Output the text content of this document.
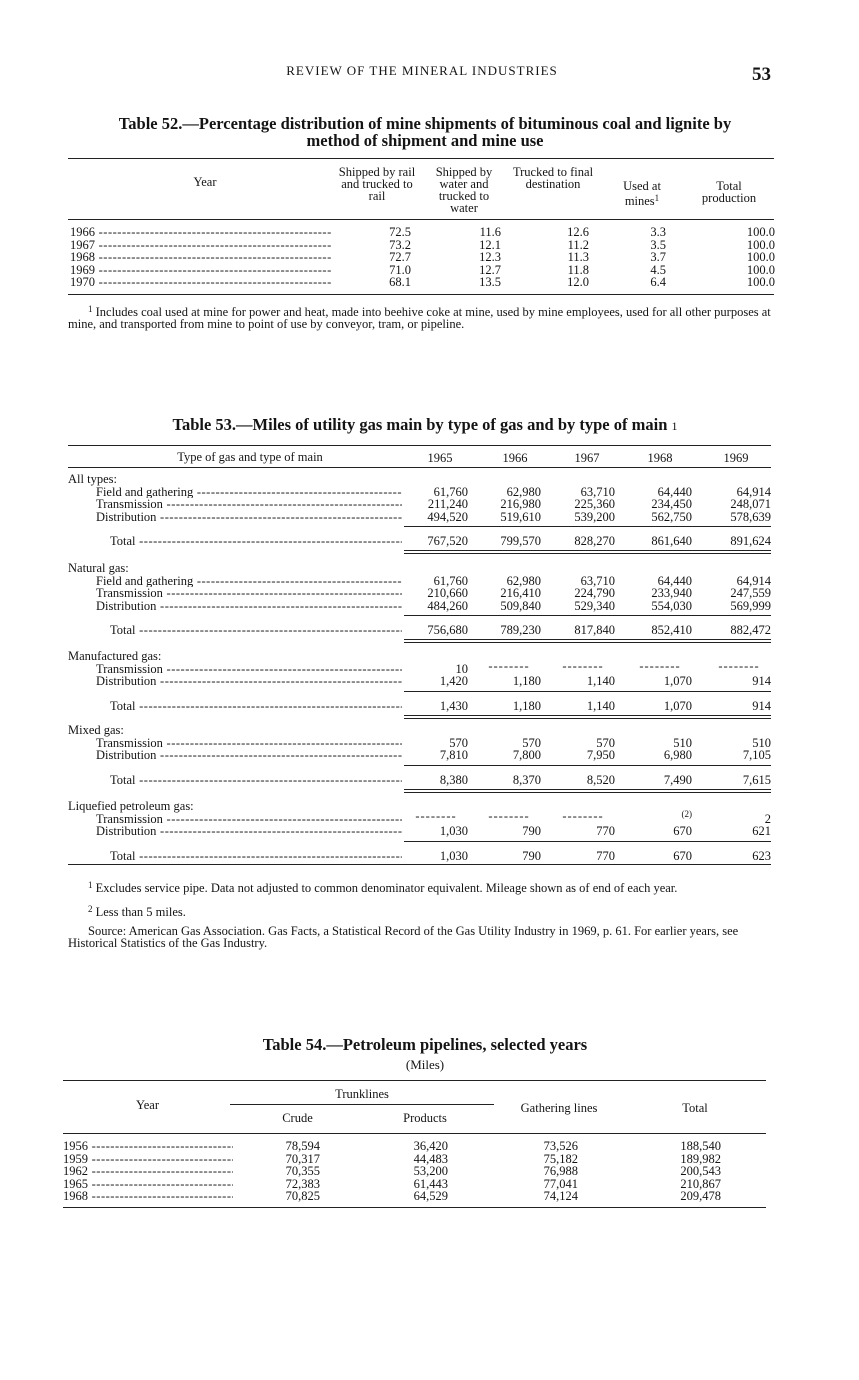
REVIEW OF THE MINERAL INDUSTRIES	53
Table 52.—Percentage distribution of mine shipments of bituminous coal and lignite by method of shipment and mine use
Year
Shipped by rail and trucked to rail
Shipped by water and trucked to water
Trucked to final destination	Used at mines$^1$
Total production
1966 -----	72.5	11.6	12.6	3.3	100.0
1967 -----	73.2	12.1	11.2	3.5	100.0
1968 -----	72.7	12.3	11.3	3.7	100.0
1969 -----	71.0	12.7	11.8	4.5	100.0
1970 -----	68.1	13.5	12.0	6.4	100.0
$^1$ Includes coal used at mine for power and heat, made into beehive coke at mine, used by mine employees, used for all other purposes at mine, and transported from mine to point of use by conveyor, tram, or pipeline.
Table 53.—Miles of utility gas main by type of gas and by type of main 1
Type of gas and type of main	1965	1966	1967	1968	1969
All types:
Field and gathering -----	61,760	62,980	63,710	64,440	64,914
Transmission -----	211,240	216,980	225,360	234,450	248,071
Distribution -----	494,520	519,610	539,200	562,750	578,639
Total -----	767,520	799,570	828,270	861,640	891,624
Natural gas:
Field and gathering -----	61,760	62,980	63,710	64,440	64,914
Transmission -----	210,660	216,410	224,790	233,940	247,559
Distribution -----	484,260	509,840	529,340	554,030	569,999
Total -----	756,680	789,230	817,840	852,410	882,472
Manufactured gas:
Transmission -----	10	--------	--------	--------	--------
Distribution -----	1,420	1,180	1,140	1,070	914
Total -----	1,430	1,180	1,140	1,070	914
Mixed gas:
Transmission -----	570	570	570	510	510
Distribution -----	7,810	7,800	7,950	6,980	7,105
Total -----	8,380	8,370	8,520	7,490	7,615
Liquefied petroleum gas:
Transmission -----	--------	--------	--------	$^{(2)}$	2
Distribution -----	1,030	790	770	670	621
Total -----	1,030	790	770	670	623
$^1$ Excludes service pipe. Data not adjusted to common denominator equivalent. Mileage shown as of end of each year.
$^2$ Less than 5 miles.
Source: American Gas Association. Gas Facts, a Statistical Record of the Gas Utility Industry in 1969, p. 61. For earlier years, see Historical Statistics of the Gas Industry.
Table 54.—Petroleum pipelines, selected years
(Miles)
Year
Trunklines
Crude	Products
Gathering lines	Total
1956 -----	78,594	36,420	73,526	188,540
1959 -----	70,317	44,483	75,182	189,982
1962 -----	70,355	53,200	76,988	200,543
1965 -----	72,383	61,443	77,041	210,867
1968 -----	70,825	64,529	74,124	209,478
